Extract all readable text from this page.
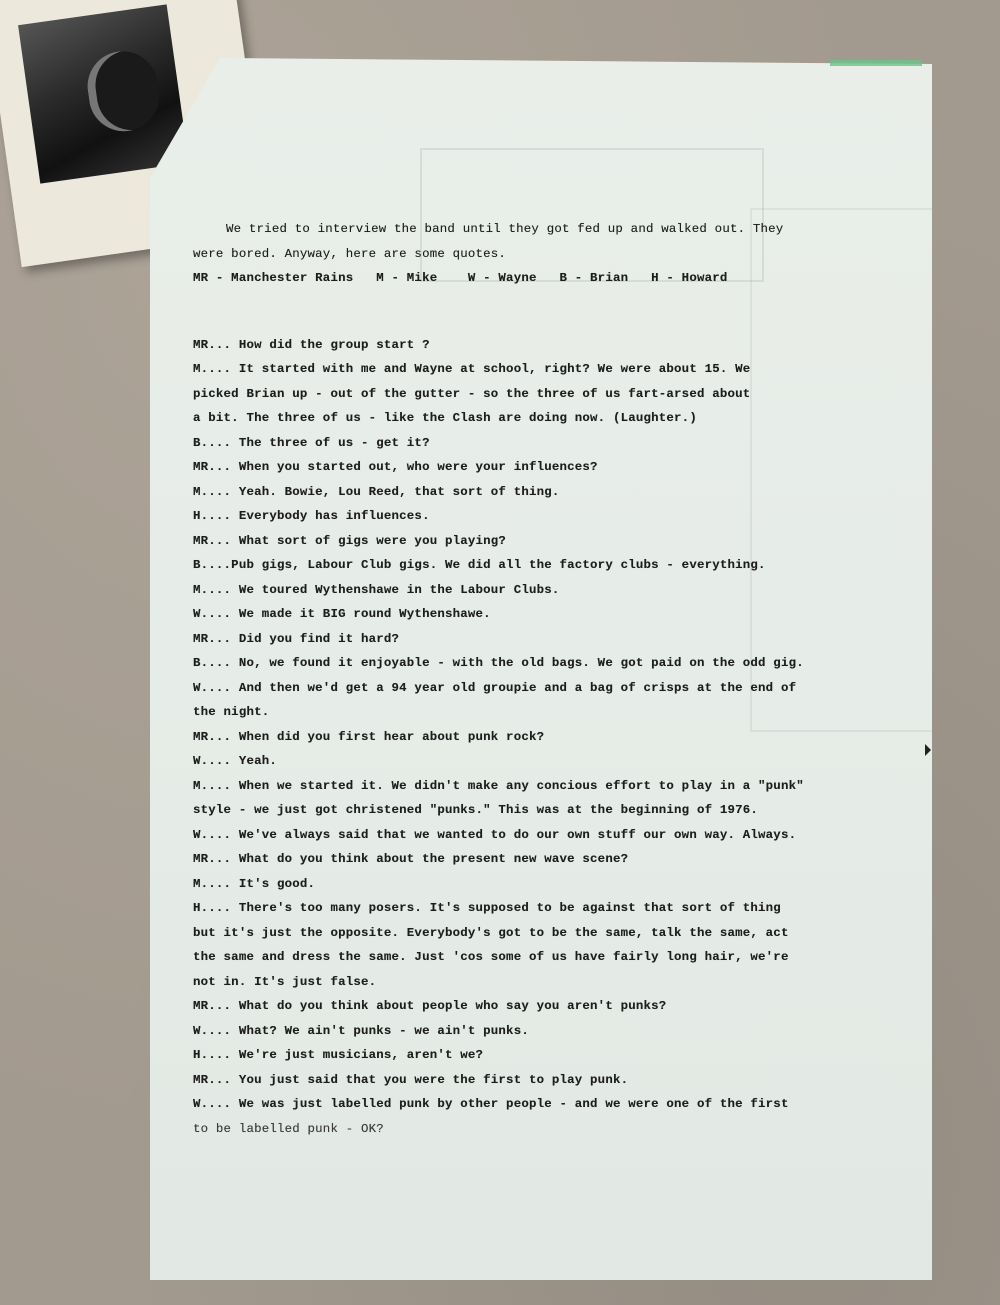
We tried to interview the band until they got fed up and walked out. They
were bored. Anyway, here are some quotes.
MR - Manchester Rains   M - Mike    W - Wayne   B - Brian   H - Howard
MR... How did the group start ?
M.... It started with me and Wayne at school, right? We were about 15. We
picked Brian up - out of the gutter - so the three of us fart-arsed about
a bit. The three of us - like the Clash are doing now. (Laughter.)
B.... The three of us - get it?
MR... When you started out, who were your influences?
M.... Yeah. Bowie, Lou Reed, that sort of thing.
H.... Everybody has influences.
MR... What sort of gigs were you playing?
B....Pub gigs, Labour Club gigs. We did all the factory clubs - everything.
M.... We toured Wythenshawe in the Labour Clubs.
W.... We made it BIG round Wythenshawe.
MR... Did you find it hard?
B.... No, we found it enjoyable - with the old bags. We got paid on the odd gig.
W.... And then we'd get a 94 year old groupie and a bag of crisps at the end of
the night.
MR... When did you first hear about punk rock?
W.... Yeah.
M.... When we started it. We didn't make any concious effort to play in a "punk"
style - we just got christened "punks." This was at the beginning of 1976.
W.... We've always said that we wanted to do our own stuff our own way. Always.
MR... What do you think about the present new wave scene?
M.... It's good.
H.... There's too many posers. It's supposed to be against that sort of thing
but it's just the opposite. Everybody's got to be the same, talk the same, act
the same and dress the same. Just 'cos some of us have fairly long hair, we're
not in. It's just false.
MR... What do you think about people who say you aren't punks?
W.... What? We ain't punks - we ain't punks.
H.... We're just musicians, aren't we?
MR... You just said that you were the first to play punk.
W.... We was just labelled punk by other people - and we were one of the first
to be labelled punk - OK?
